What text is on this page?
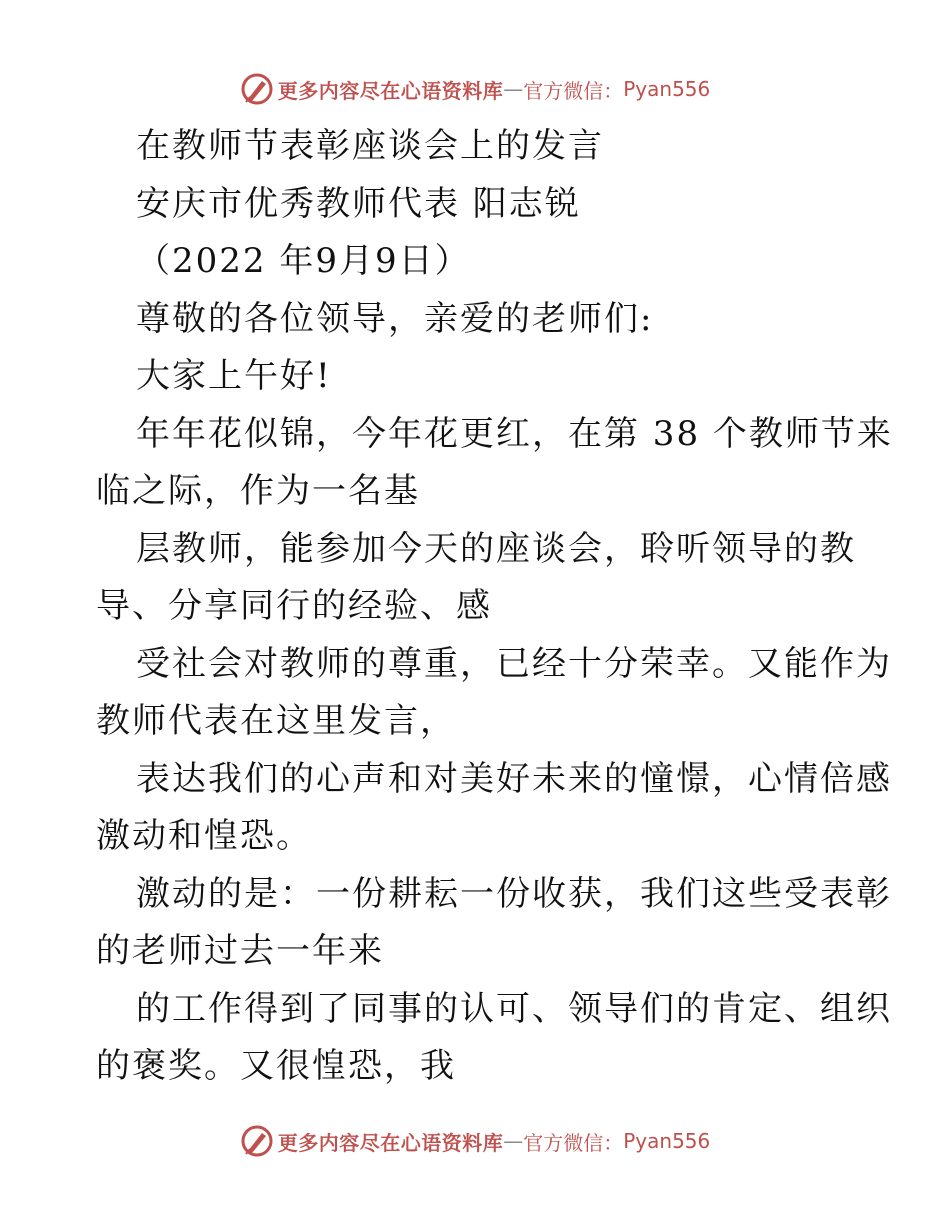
更多内容尽在心语资料库 — 官方微信： Pyan556
在教师节表彰座谈会上的发言
安庆市优秀教师代表 阳志锐
（2022 年9月9日）
尊敬的各位领导，亲爱的老师们:
大家上午好!
年年花似锦，今年花更红，在第 38 个教师节来
临之际，作为一名基
层教师，能参加今天的座谈会，聆听领导的教
导、分享同行的经验、感
受社会对教师的尊重，已经十分荣幸。又能作为
教师代表在这里发言，
表达我们的心声和对美好未来的憧憬，心情倍感
激动和惶恐。
激动的是：一份耕耘一份收获，我们这些受表彰
的老师过去一年来
的工作得到了同事的认可、领导们的肯定、组织
的褒奖。又很惶恐，我
更多内容尽在心语资料库 — 官方微信： Pyan556
